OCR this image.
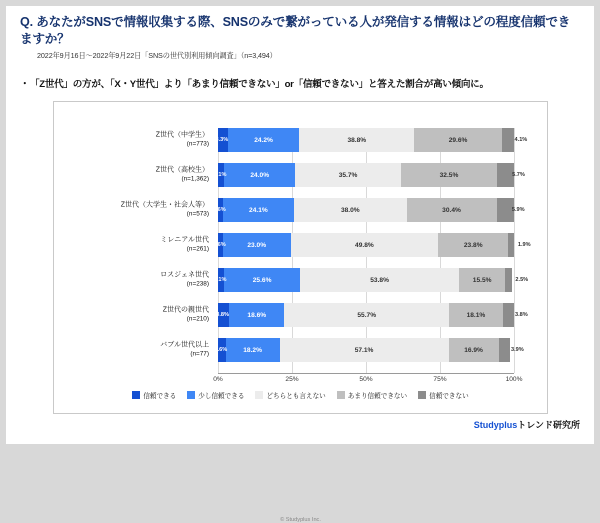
Q. あなたがSNSで情報収集する際、SNSのみで繋がっている人が発信する情報はどの程度信頼できますか？
2022年9月16日～2022年9月22日「SNSの世代別利用傾向調査」（n=3,494）
・「Z世代」の方が、「X・Y世代」より「あまり信頼できない」or「信頼できない」と答えた割合が高い傾向に。
Z世代（中学生）
(n=773)
3.3%	24.2%	38.8%	29.6%	4.1%
Z世代（高校生）
(n=1,362)
2.1%	24.0%	35.7%	32.5%	5.7%
Z世代（大学生・社会人等）
(n=573)
1.6%	24.1%	38.0%	30.4%	5.9%
ミレニアル世代
(n=261)
1.6%	23.0%	49.8%	23.8%	1.9%
ロスジェネ世代
(n=238)
2.1%	25.6%	53.8%	15.5%	2.5%
Z世代の親世代
(n=210)
3.8%	18.6%	55.7%	18.1%	3.8%
バブル世代以上
(n=77)
2.6% 18.2%	57.1%	16.9%	3.9%
0%	25%	50%	75%	100%
信頼できる	少し信頼できる	どちらとも言えない	あまり信頼できない	信頼できない
© Studyplus Inc.
Studyplusトレンド研究所
